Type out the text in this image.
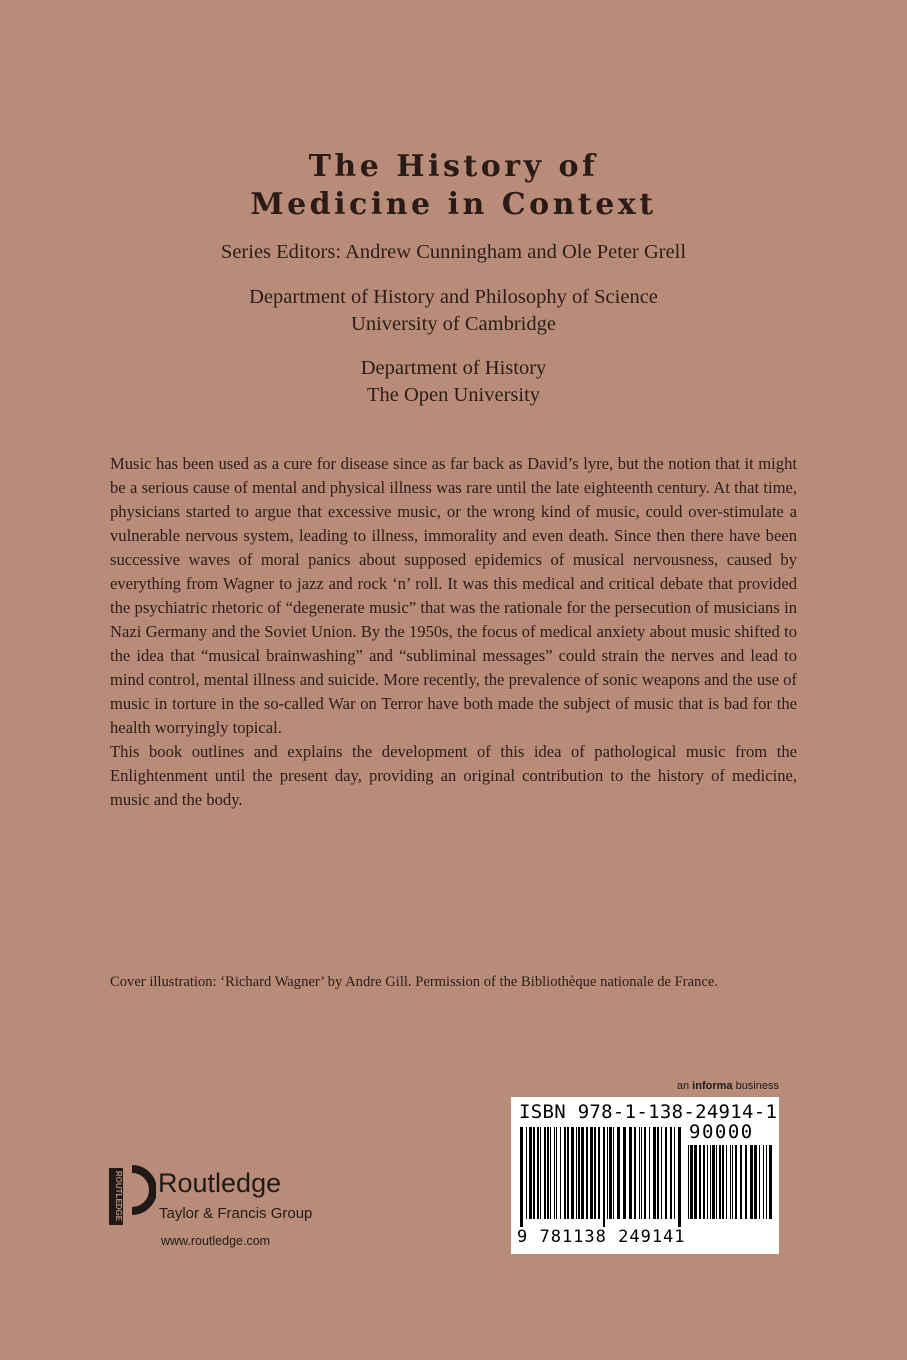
The History of
Medicine in Context
Series Editors: Andrew Cunningham and Ole Peter Grell
Department of History and Philosophy of Science
University of Cambridge
Department of History
The Open University

Music has been used as a cure for disease since as far back as David’s lyre, but the notion that it might be a serious cause of mental and physical illness was rare until the late eighteenth century. At that time, physicians started to argue that excessive music, or the wrong kind of music, could over-stimulate a vulnerable nervous system, leading to illness, immorality and even death. Since then there have been successive waves of moral panics about supposed epidemics of musical nervousness, caused by everything from Wagner to jazz and rock ‘n’ roll. It was this medical and critical debate that provided the psychiatric rhetoric of “degenerate music” that was the rationale for the persecution of musicians in Nazi Germany and the Soviet Union. By the 1950s, the focus of medical anxiety about music shifted to the idea that “musical brainwashing” and “subliminal messages” could strain the nerves and lead to mind control, mental illness and suicide. More recently, the prevalence of sonic weapons and the use of music in torture in the so-called War on Terror have both made the subject of music that is bad for the health worryingly topical.

This book outlines and explains the development of this idea of pathological music from the Enlightenment until the present day, providing an original contribution to the history of medicine, music and the body.

Cover illustration: ‘Richard Wagner’ by Andre Gill. Permission of the Bibliothèque nationale de France.
an informa business
ISBN 978-1-138-24914-1
90000
9 781138 249141
ROUTLEDGE Routledge
Taylor & Francis Group
www.routledge.com
